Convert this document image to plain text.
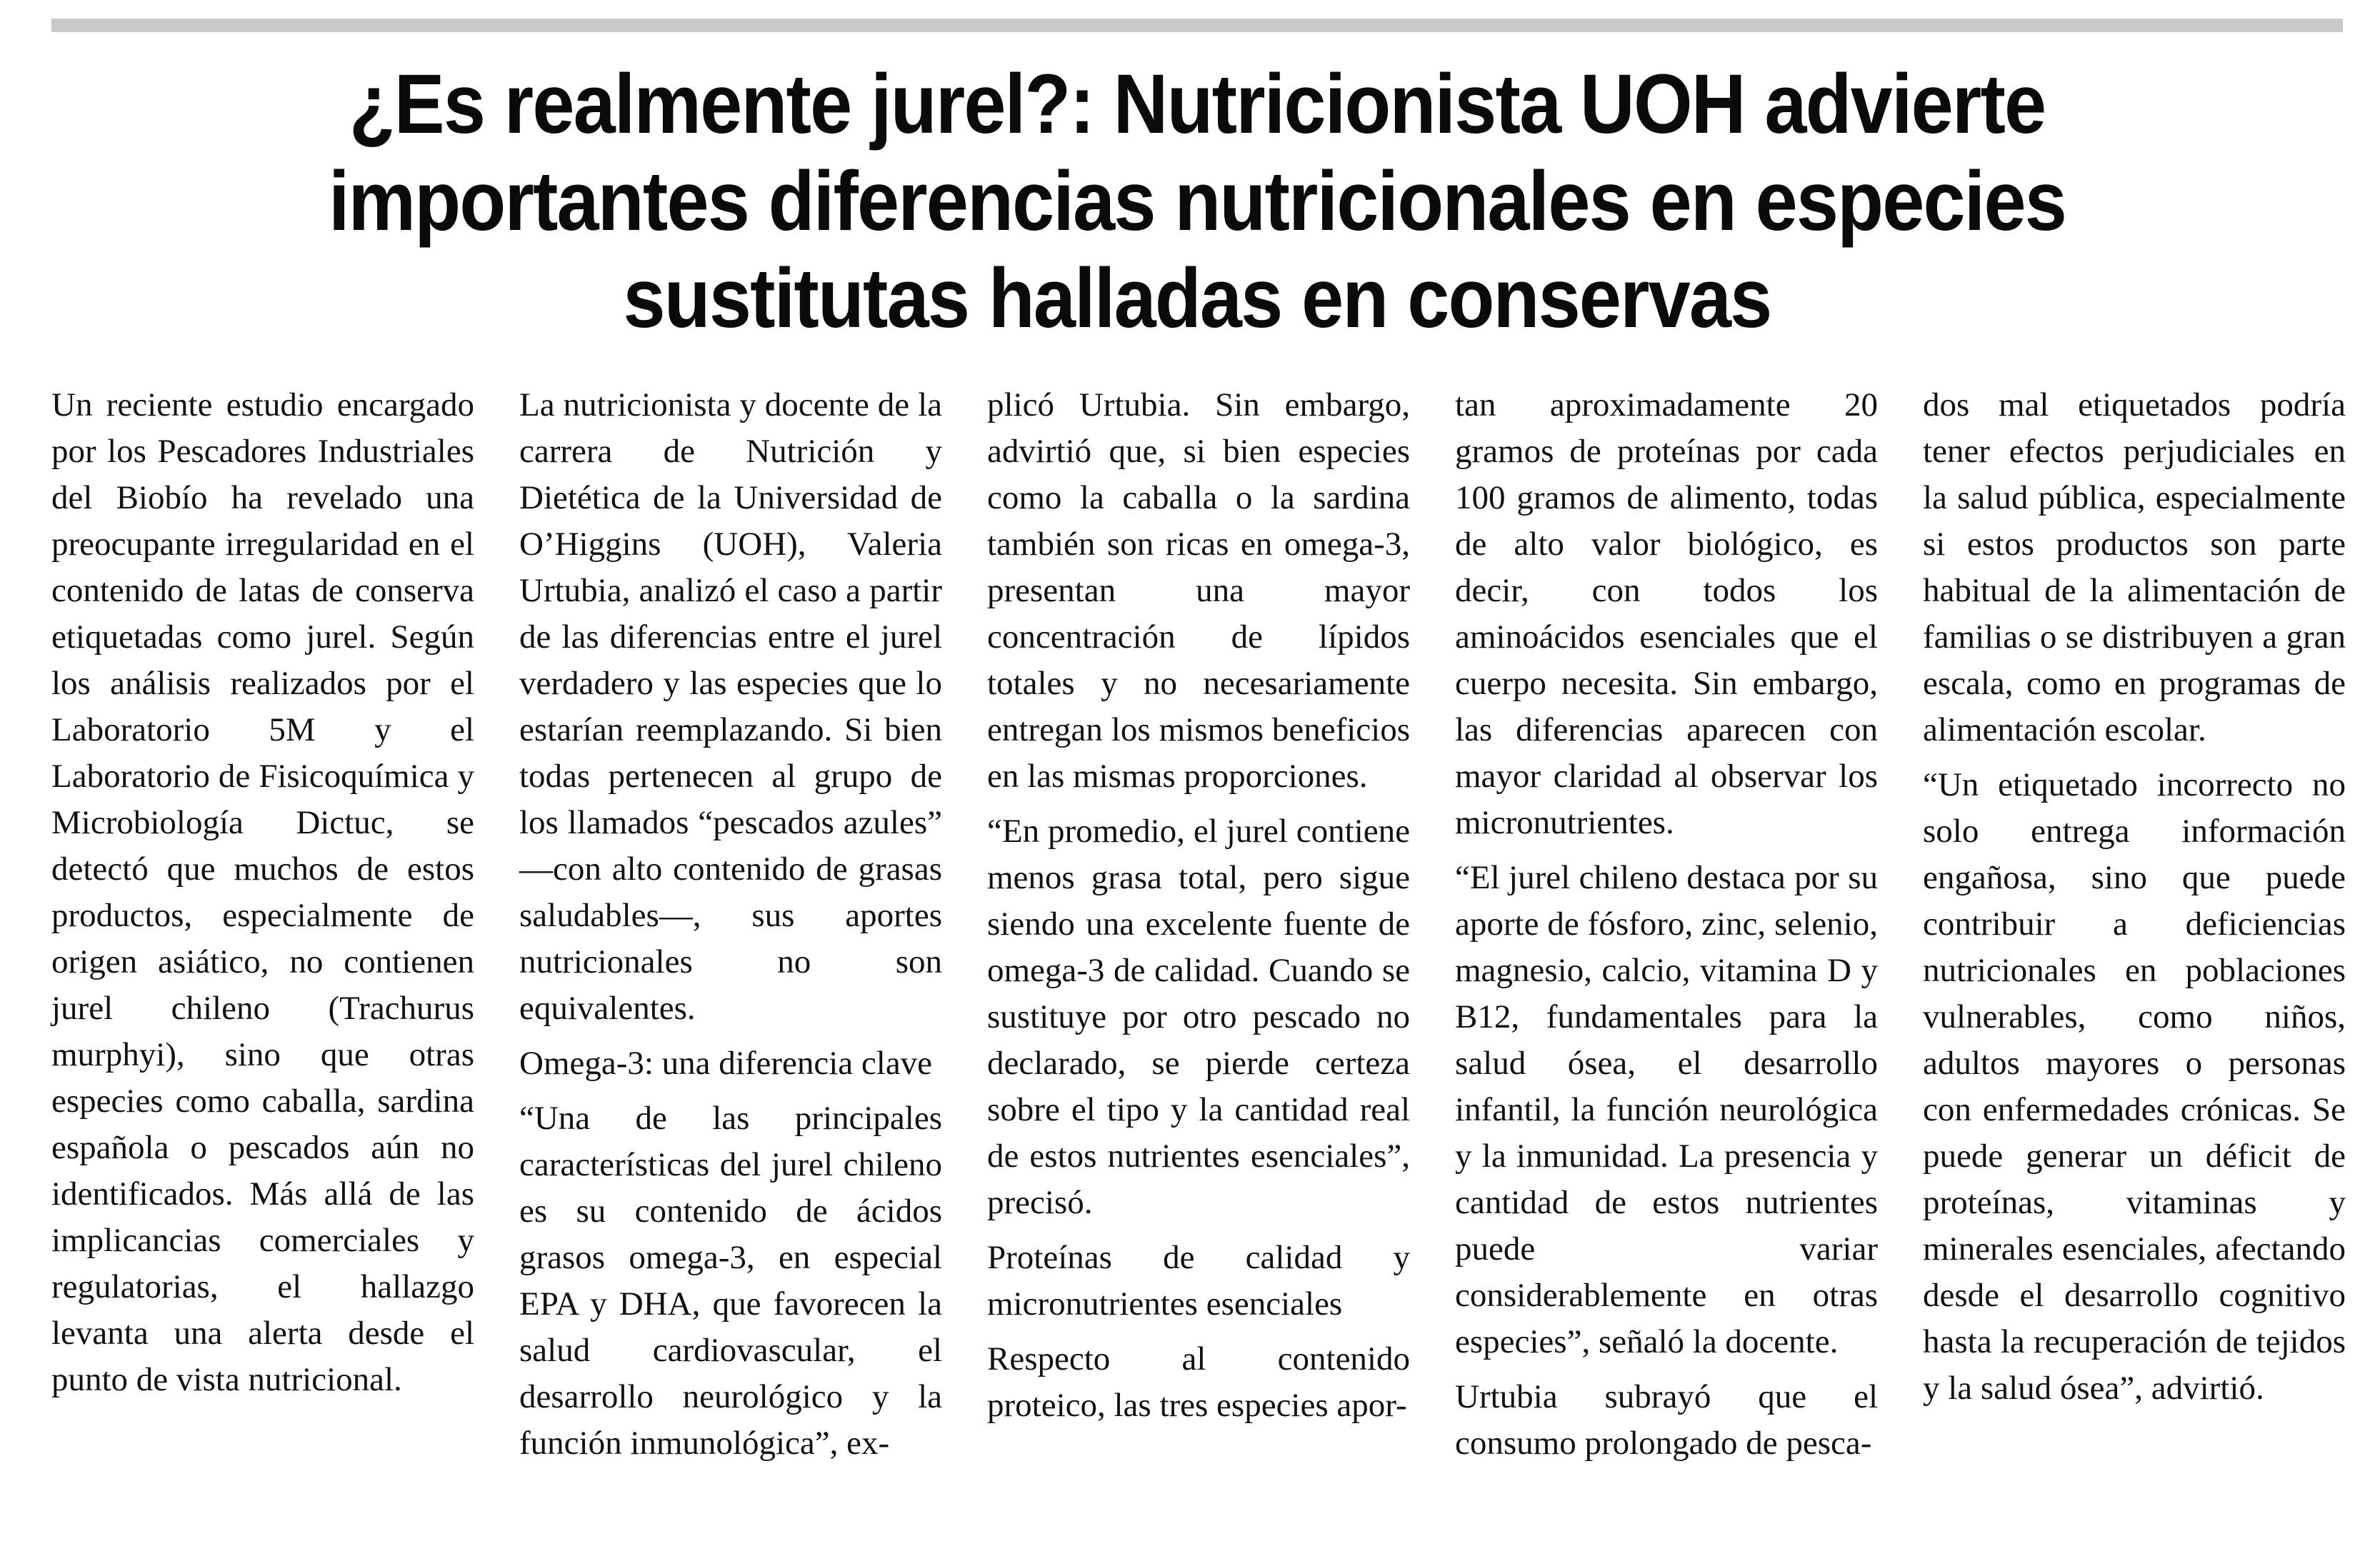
¿Es realmente jurel?: Nutricionista UOH advierte
importantes diferencias nutricionales en especies
sustitutas halladas en conservas

Un reciente estudio encargado por los Pescadores Industriales del Biobío ha revelado una preocupante irregularidad en el contenido de latas de conserva etiquetadas como jurel. Según los análisis realizados por el Laboratorio 5M y el Laboratorio de Fisicoquímica y Microbiología Dictuc, se detectó que muchos de estos productos, especialmente de origen asiático, no contienen jurel chileno (Trachurus murphyi), sino que otras especies como caballa, sardina española o pescados aún no identificados. Más allá de las implicancias comerciales y regulatorias, el hallazgo levanta una alerta desde el punto de vista nutricional.

La nutricionista y docente de la carrera de Nutrición y Dietética de la Universidad de O’Higgins (UOH), Valeria Urtubia, analizó el caso a partir de las diferencias entre el jurel verdadero y las especies que lo estarían reemplazando. Si bien todas pertenecen al grupo de los llamados “pescados azules” —con alto contenido de grasas saludables—, sus aportes nutricionales no son equivalentes.

Omega-3: una diferencia clave

“Una de las principales características del jurel chileno es su contenido de ácidos grasos omega-3, en especial EPA y DHA, que favorecen la salud cardiovascular, el desarrollo neurológico y la función inmunológica”, ex-

plicó Urtubia. Sin embargo, advirtió que, si bien especies como la caballa o la sardina también son ricas en omega-3, presentan una mayor concentración de lípidos totales y no necesariamente entregan los mismos beneficios en las mismas proporciones.

“En promedio, el jurel contiene menos grasa total, pero sigue siendo una excelente fuente de omega-3 de calidad. Cuando se sustituye por otro pescado no declarado, se pierde certeza sobre el tipo y la cantidad real de estos nutrientes esenciales”, precisó.

Proteínas de calidad y micronutrientes esenciales

Respecto al contenido proteico, las tres especies apor-

tan aproximadamente 20 gramos de proteínas por cada 100 gramos de alimento, todas de alto valor biológico, es decir, con todos los aminoácidos esenciales que el cuerpo necesita. Sin embargo, las diferencias aparecen con mayor claridad al observar los micronutrientes.

“El jurel chileno destaca por su aporte de fósforo, zinc, selenio, magnesio, calcio, vitamina D y B12, fundamentales para la salud ósea, el desarrollo infantil, la función neurológica y la inmunidad. La presencia y cantidad de estos nutrientes puede variar considerablemente en otras especies”, señaló la docente.

Urtubia subrayó que el consumo prolongado de pesca-

dos mal etiquetados podría tener efectos perjudiciales en la salud pública, especialmente si estos productos son parte habitual de la alimentación de familias o se distribuyen a gran escala, como en programas de alimentación escolar.

“Un etiquetado incorrecto no solo entrega información engañosa, sino que puede contribuir a deficiencias nutricionales en poblaciones vulnerables, como niños, adultos mayores o personas con enfermedades crónicas. Se puede generar un déficit de proteínas, vitaminas y minerales esenciales, afectando desde el desarrollo cognitivo hasta la recuperación de tejidos y la salud ósea”, advirtió.
